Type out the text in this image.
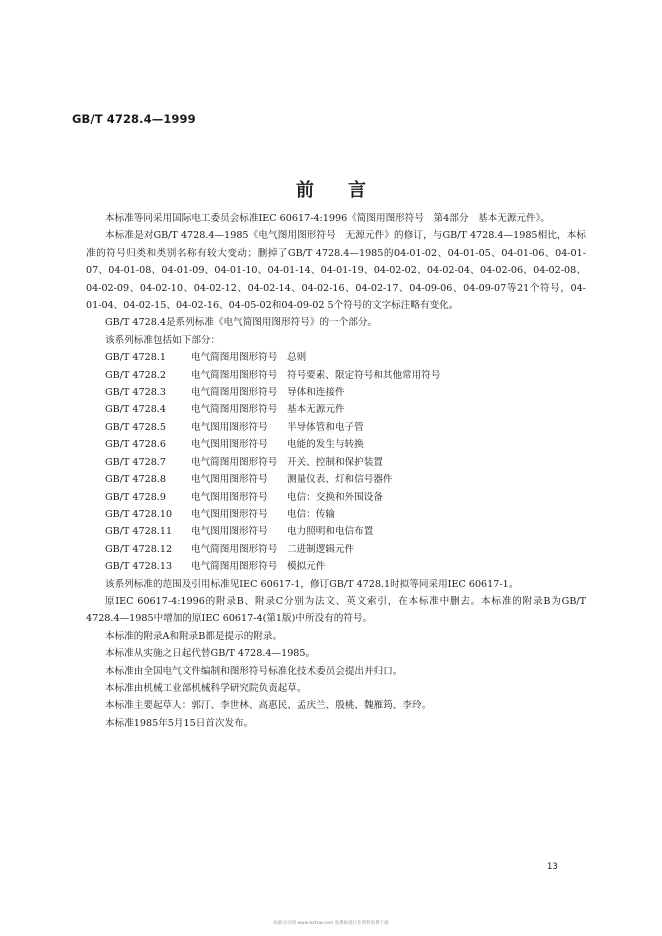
GB/T 4728.4—1999
前言

本标准等同采用国际电工委员会标准IEC 60617-4:1996《简图用图形符号　第4部分　基本无源元件》。

本标准是对GB/T 4728.4—1985《电气图用图形符号　无源元件》的修订，与GB/T 4728.4—1985相比，本标准的符号归类和类别名称有较大变动；删掉了GB/T 4728.4—1985的04-01-02、04-01-05、04-01-06、04-01-07、04-01-08、04-01-09、04-01-10、04-01-14、04-01-19、04-02-02、04-02-04、04-02-06、04-02-08、04-02-09、04-02-10、04-02-12、04-02-14、04-02-16、04-02-17、04-09-06、04-09-07等21个符号，04-01-04、04-02-15、04-02-16、04-05-02和04-09-02 5个符号的文字标注略有变化。

GB/T 4728.4是系列标准《电气简图用图形符号》的一个部分。

该系列标准包括如下部分：

GB/T 4728.1	电气简图用图形符号	总则
GB/T 4728.2	电气简图用图形符号	符号要素、限定符号和其他常用符号
GB/T 4728.3	电气简图用图形符号	导体和连接件
GB/T 4728.4	电气简图用图形符号	基本无源元件
GB/T 4728.5	电气图用图形符号	半导体管和电子管
GB/T 4728.6	电气图用图形符号	电能的发生与转换
GB/T 4728.7	电气简图用图形符号	开关、控制和保护装置
GB/T 4728.8	电气图用图形符号	测量仪表、灯和信号器件
GB/T 4728.9	电气图用图形符号	电信：交换和外围设备
GB/T 4728.10	电气图用图形符号	电信：传输
GB/T 4728.11	电气图用图形符号	电力照明和电信布置
GB/T 4728.12	电气简图用图形符号	二进制逻辑元件
GB/T 4728.13	电气简图用图形符号	模拟元件

该系列标准的范围及引用标准见IEC 60617-1，修订GB/T 4728.1时拟等同采用IEC 60617-1。

原IEC 60617-4:1996的附录B、附录C分别为法文、英文索引，在本标准中删去。本标准的附录B为GB/T 4728.4—1985中增加的原IEC 60617-4(第1版)中所没有的符号。

本标准的附录A和附录B都是提示的附录。

本标准从实施之日起代替GB/T 4728.4—1985。

本标准由全国电气文件编制和图形符号标准化技术委员会提出并归口。

本标准由机械工业部机械科学研究院负责起草。

本标准主要起草人：郭汀、李世林、高惠民、孟庆兰、殷桃、魏雁筠、李玲。

本标准1985年5月15日首次发布。

13
标准分享网 www.bzfxw.com 免费标准行业资料免费下载
